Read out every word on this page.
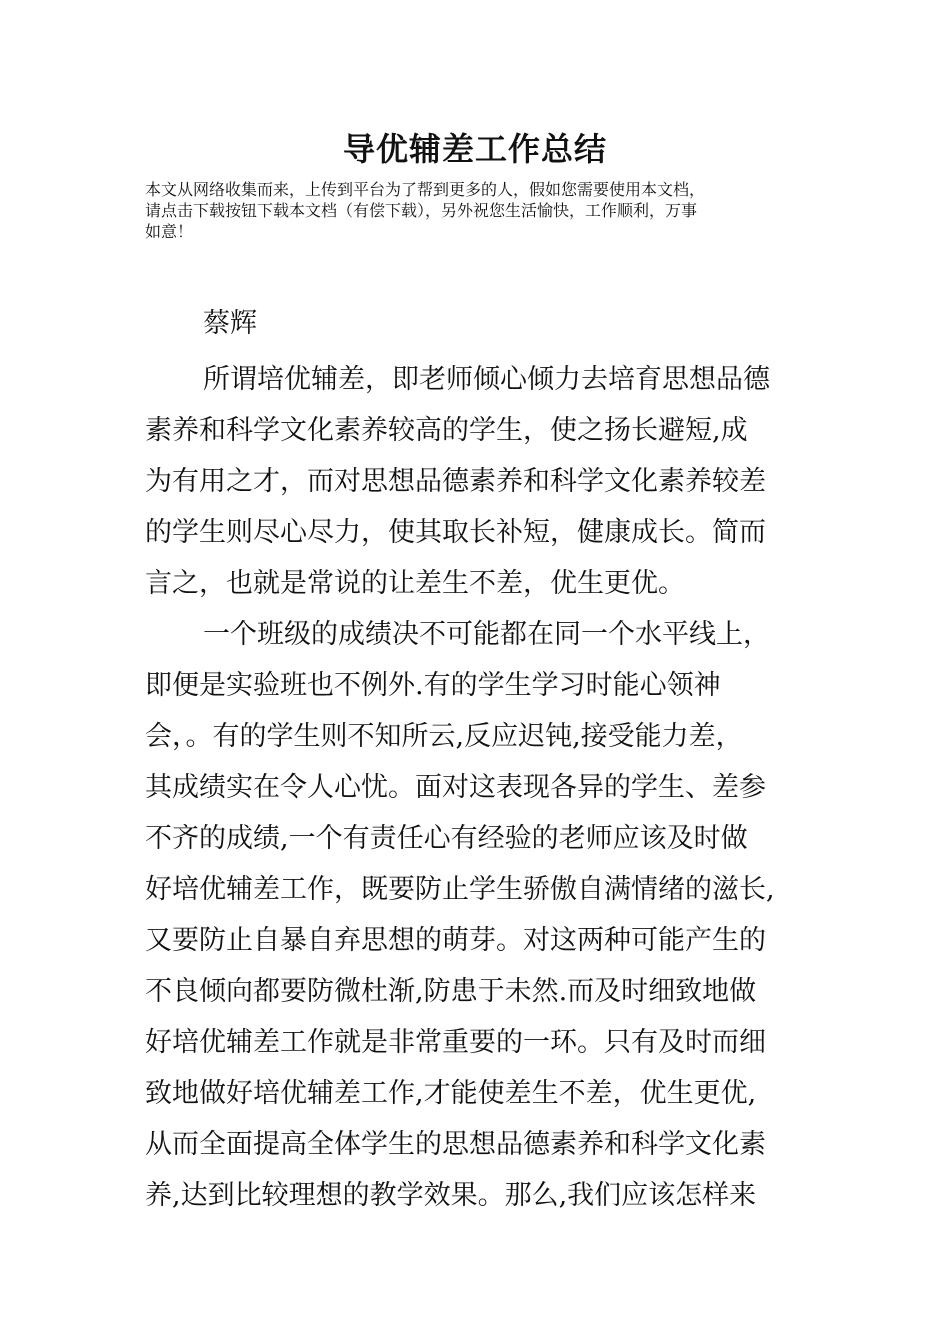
导优辅差工作总结
本文从网络收集而来，上传到平台为了帮到更多的人，假如您需要使用本文档，
请点击下载按钮下载本文档（有偿下载），另外祝您生活愉快，工作顺利，万事
如意！
蔡辉
所谓培优辅差，即老师倾心倾力去培育思想品德
素养和科学文化素养较高的学生，使之扬长避短,成
为有用之才，而对思想品德素养和科学文化素养较差
的学生则尽心尽力，使其取长补短，健康成长。简而
言之，也就是常说的让差生不差，优生更优。
一个班级的成绩决不可能都在同一个水平线上，
即便是实验班也不例外.有的学生学习时能心领神
会，。有的学生则不知所云,反应迟钝,接受能力差，
其成绩实在令人心忧。面对这表现各异的学生、差参
不齐的成绩,一个有责任心有经验的老师应该及时做
好培优辅差工作，既要防止学生骄傲自满情绪的滋长,
又要防止自暴自弃思想的萌芽。对这两种可能产生的
不良倾向都要防微杜渐,防患于未然.而及时细致地做
好培优辅差工作就是非常重要的一环。只有及时而细
致地做好培优辅差工作,才能使差生不差，优生更优,
从而全面提高全体学生的思想品德素养和科学文化素
养,达到比较理想的教学效果。那么,我们应该怎样来
